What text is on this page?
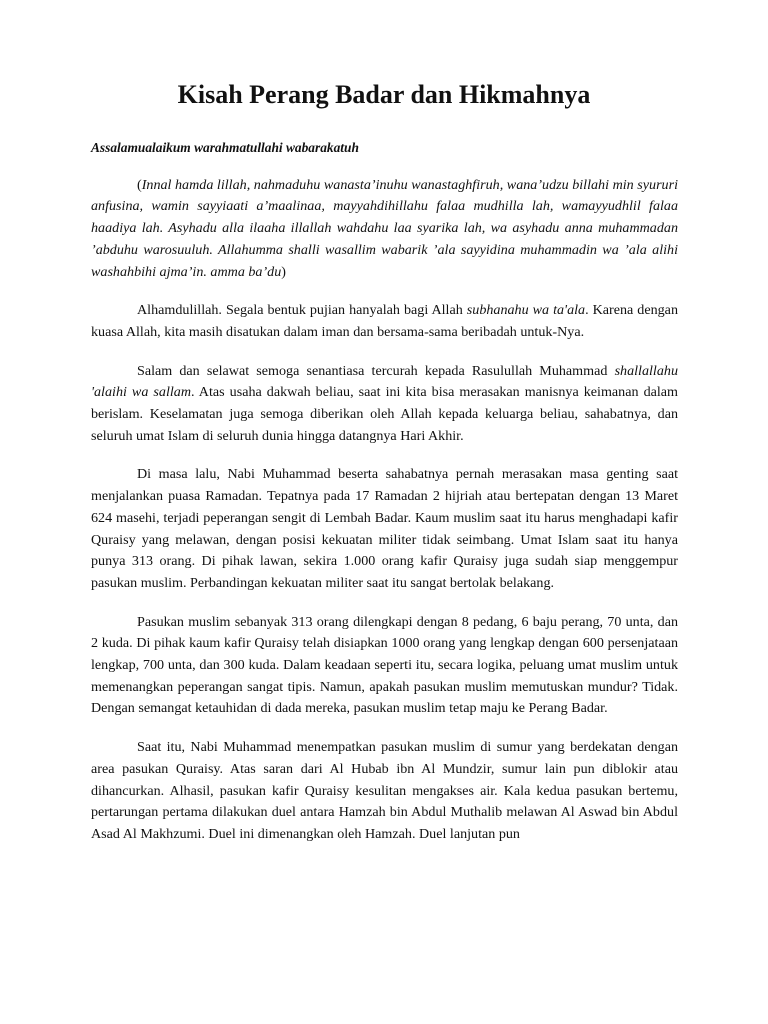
Kisah Perang Badar dan Hikmahnya

Assalamualaikum warahmatullahi wabarakatuh

(Innal hamda lillah, nahmaduhu wanasta’inuhu wanastaghfiruh, wana’udzu billahi min syururi anfusina, wamin sayyiaati a’maalinaa, mayyahdihillahu falaa mudhilla lah, wamayyudhlil falaa haadiya lah. Asyhadu alla ilaaha illallah wahdahu laa syarika lah, wa asyhadu anna muhammadan ’abduhu warosuuluh. Allahumma shalli wasallim wabarik ’ala sayyidina muhammadin wa ’ala alihi washahbihi ajma’in. amma ba’du)

Alhamdulillah. Segala bentuk pujian hanyalah bagi Allah subhanahu wa ta'ala. Karena dengan kuasa Allah, kita masih disatukan dalam iman dan bersama-sama beribadah untuk-Nya.

Salam dan selawat semoga senantiasa tercurah kepada Rasulullah Muhammad shallallahu 'alaihi wa sallam. Atas usaha dakwah beliau, saat ini kita bisa merasakan manisnya keimanan dalam berislam. Keselamatan juga semoga diberikan oleh Allah kepada keluarga beliau, sahabatnya, dan seluruh umat Islam di seluruh dunia hingga datangnya Hari Akhir.

Di masa lalu, Nabi Muhammad beserta sahabatnya pernah merasakan masa genting saat menjalankan puasa Ramadan. Tepatnya pada 17 Ramadan 2 hijriah atau bertepatan dengan 13 Maret 624 masehi, terjadi peperangan sengit di Lembah Badar. Kaum muslim saat itu harus menghadapi kafir Quraisy yang melawan, dengan posisi kekuatan militer tidak seimbang. Umat Islam saat itu hanya punya 313 orang. Di pihak lawan, sekira 1.000 orang kafir Quraisy juga sudah siap menggempur pasukan muslim. Perbandingan kekuatan militer saat itu sangat bertolak belakang.

Pasukan muslim sebanyak 313 orang dilengkapi dengan 8 pedang, 6 baju perang, 70 unta, dan 2 kuda. Di pihak kaum kafir Quraisy telah disiapkan 1000 orang yang lengkap dengan 600 persenjataan lengkap, 700 unta, dan 300 kuda. Dalam keadaan seperti itu, secara logika, peluang umat muslim untuk memenangkan peperangan sangat tipis. Namun, apakah pasukan muslim memutuskan mundur? Tidak. Dengan semangat ketauhidan di dada mereka, pasukan muslim tetap maju ke Perang Badar.

Saat itu, Nabi Muhammad menempatkan pasukan muslim di sumur yang berdekatan dengan area pasukan Quraisy. Atas saran dari Al Hubab ibn Al Mundzir, sumur lain pun diblokir atau dihancurkan. Alhasil, pasukan kafir Quraisy kesulitan mengakses air. Kala kedua pasukan bertemu, pertarungan pertama dilakukan duel antara Hamzah bin Abdul Muthalib melawan Al Aswad bin Abdul Asad Al Makhzumi. Duel ini dimenangkan oleh Hamzah. Duel lanjutan pun
